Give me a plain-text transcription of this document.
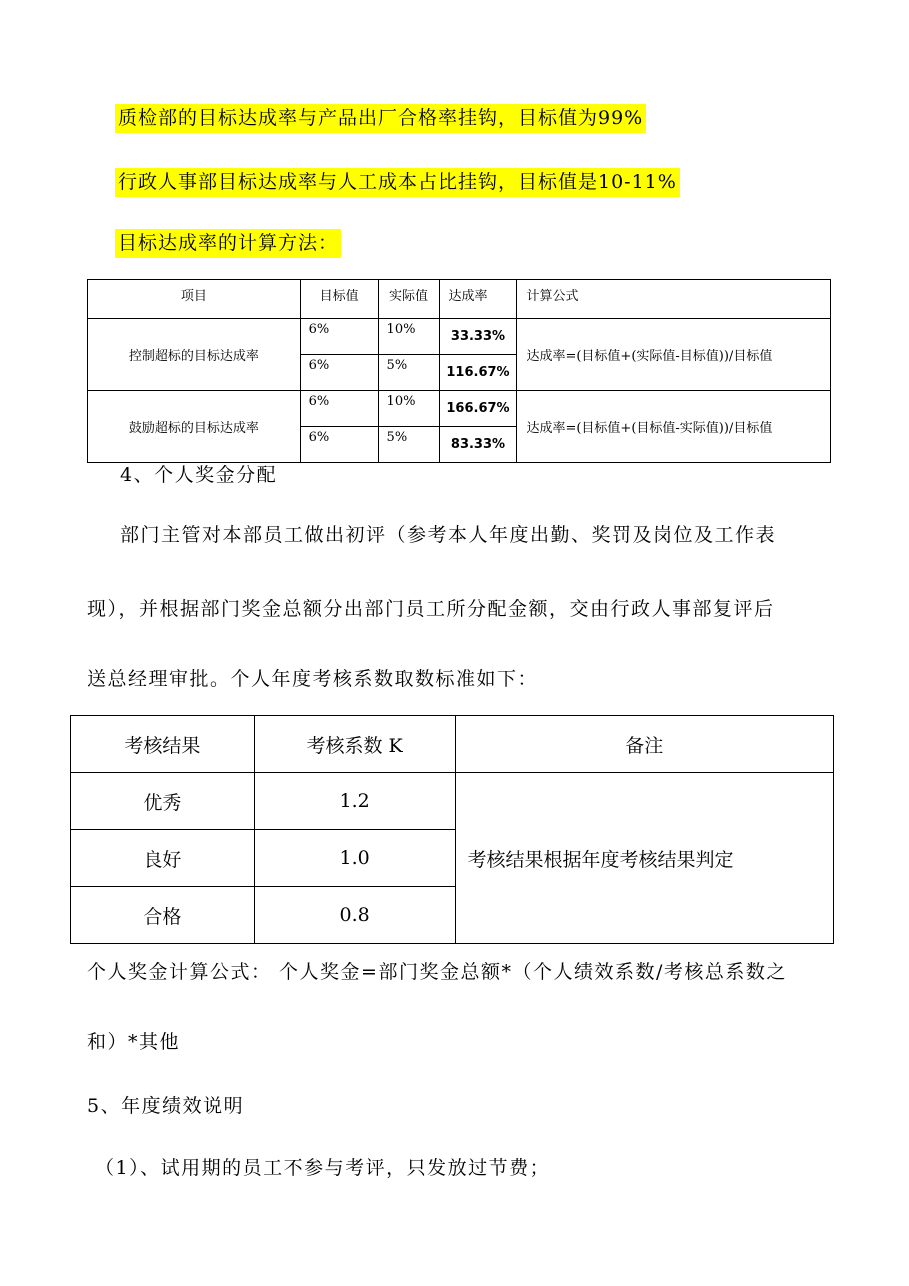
质检部的目标达成率与产品出厂合格率挂钩，目标值为99%
行政人事部目标达成率与人工成本占比挂钩，目标值是10-11%
目标达成率的计算方法：
项目	目标值	实际值	达成率	计算公式
控制超标的目标达成率	6%	10%	33.33%	达成率=(目标值+(实际值-目标值))/目标值
	6%	5%	116.67%	
鼓励超标的目标达成率	6%	10%	166.67%	达成率=(目标值+(目标值-实际值))/目标值
	6%	5%	83.33%	
4、个人奖金分配
部门主管对本部员工做出初评（参考本人年度出勤、奖罚及岗位及工作表
现），并根据部门奖金总额分出部门员工所分配金额，交由行政人事部复评后
送总经理审批。个人年度考核系数取数标准如下：
考核结果	考核系数 K	备注
优秀	1.2	考核结果根据年度考核结果判定
良好	1.0	
合格	0.8	
个人奖金计算公式： 个人奖金=部门奖金总额*（个人绩效系数/考核总系数之
和）*其他
5、年度绩效说明
（1）、试用期的员工不参与考评，只发放过节费；
